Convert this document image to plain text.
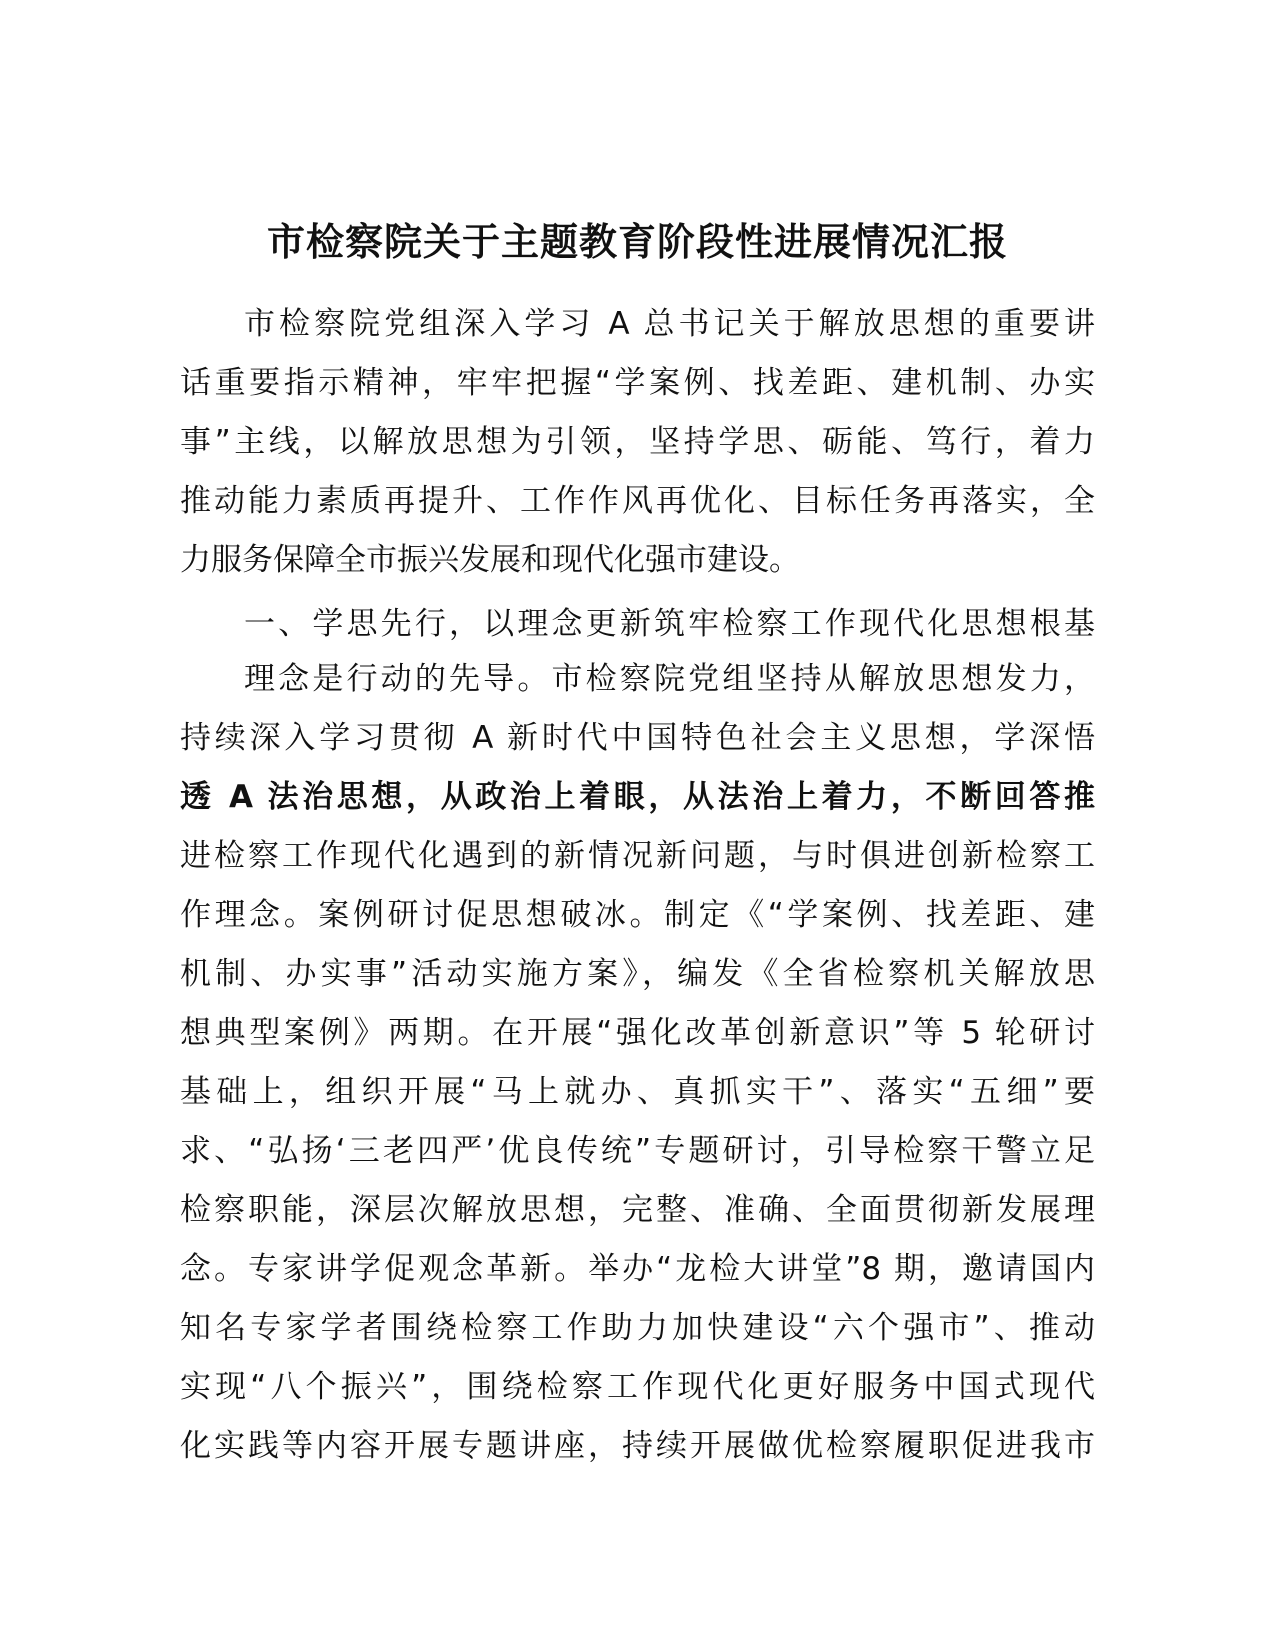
市检察院关于主题教育阶段性进展情况汇报
市检察院党组深入学习 A 总书记关于解放思想的重要讲
话重要指示精神，牢牢把握“学案例、找差距、建机制、办实
事”主线，以解放思想为引领，坚持学思、砺能、笃行，着力
推动能力素质再提升、工作作风再优化、目标任务再落实，全
力服务保障全市振兴发展和现代化强市建设。
一、学思先行，以理念更新筑牢检察工作现代化思想根基
理念是行动的先导。市检察院党组坚持从解放思想发力，
持续深入学习贯彻 A 新时代中国特色社会主义思想，学深悟
透 A 法治思想，从政治上着眼，从法治上着力，不断回答推
进检察工作现代化遇到的新情况新问题，与时俱进创新检察工
作理念。案例研讨促思想破冰。制定《“学案例、找差距、建
机制、办实事”活动实施方案》，编发《全省检察机关解放思
想典型案例》两期。在开展“强化改革创新意识”等 5 轮研讨
基础上，组织开展“马上就办、真抓实干”、落实“五细”要
求、“弘扬‘三老四严’优良传统”专题研讨，引导检察干警立足
检察职能，深层次解放思想，完整、准确、全面贯彻新发展理
念。专家讲学促观念革新。举办“龙检大讲堂”8 期，邀请国内
知名专家学者围绕检察工作助力加快建设“六个强市”、推动
实现“八个振兴”，围绕检察工作现代化更好服务中国式现代
化实践等内容开展专题讲座，持续开展做优检察履职促进我市
